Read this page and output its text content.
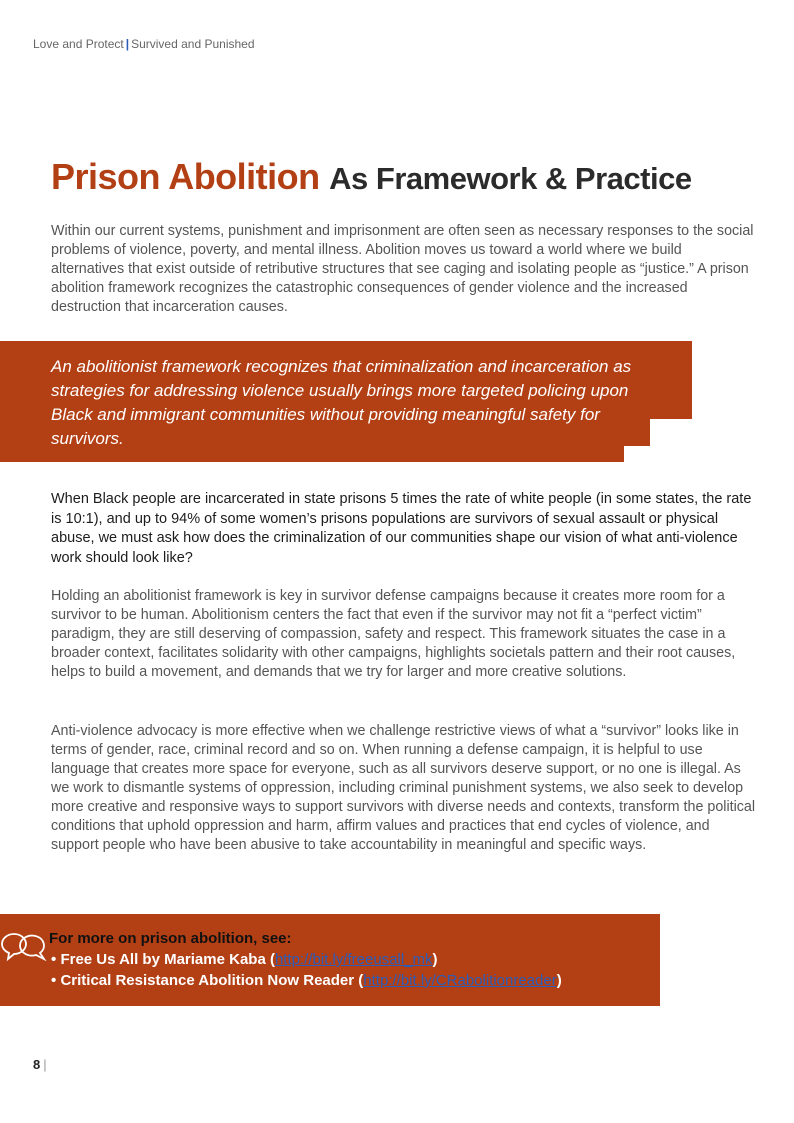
Love and Protect | Survived and Punished
Prison Abolition As Framework & Practice

Within our current systems, punishment and imprisonment are often seen as necessary responses to the social problems of violence, poverty, and mental illness. Abolition moves us toward a world where we build alternatives that exist outside of retributive structures that see caging and isolating people as “justice.” A prison abolition framework recognizes the catastrophic consequences of gender violence and the increased destruction that incarceration causes.

An abolitionist framework recognizes that criminalization and incarceration as strategies for addressing violence usually brings more targeted policing upon Black and immigrant communities without providing meaningful safety for survivors.

When Black people are incarcerated in state prisons 5 times the rate of white people (in some states, the rate is 10:1), and up to 94% of some women’s prisons populations are survivors of sexual assault or physical abuse, we must ask how does the criminalization of our communities shape our vision of what anti-violence work should look like?

Holding an abolitionist framework is key in survivor defense campaigns because it creates more room for a survivor to be human. Abolitionism centers the fact that even if the survivor may not fit a “perfect victim” paradigm, they are still deserving of compassion, safety and respect. This framework situates the case in a broader context, facilitates solidarity with other campaigns, highlights societals pattern and their root causes, helps to build a movement, and demands that we try for larger and more creative solutions.

Anti-violence advocacy is more effective when we challenge restrictive views of what a “survivor” looks like in terms of gender, race, criminal record and so on. When running a defense campaign, it is helpful to use language that creates more space for everyone, such as all survivors deserve support, or no one is illegal. As we work to dismantle systems of oppression, including criminal punishment systems, we also seek to develop more creative and responsive ways to support survivors with diverse needs and contexts, transform the political conditions that uphold oppression and harm, affirm values and practices that end cycles of violence, and support people who have been abusive to take accountability in meaningful and specific ways.

For more on prison abolition, see:

• Free Us All by Mariame Kaba (http://bit.ly/freeusall_mk)
• Critical Resistance Abolition Now Reader (http://bit.ly/CRabolitionreader)
8 |
